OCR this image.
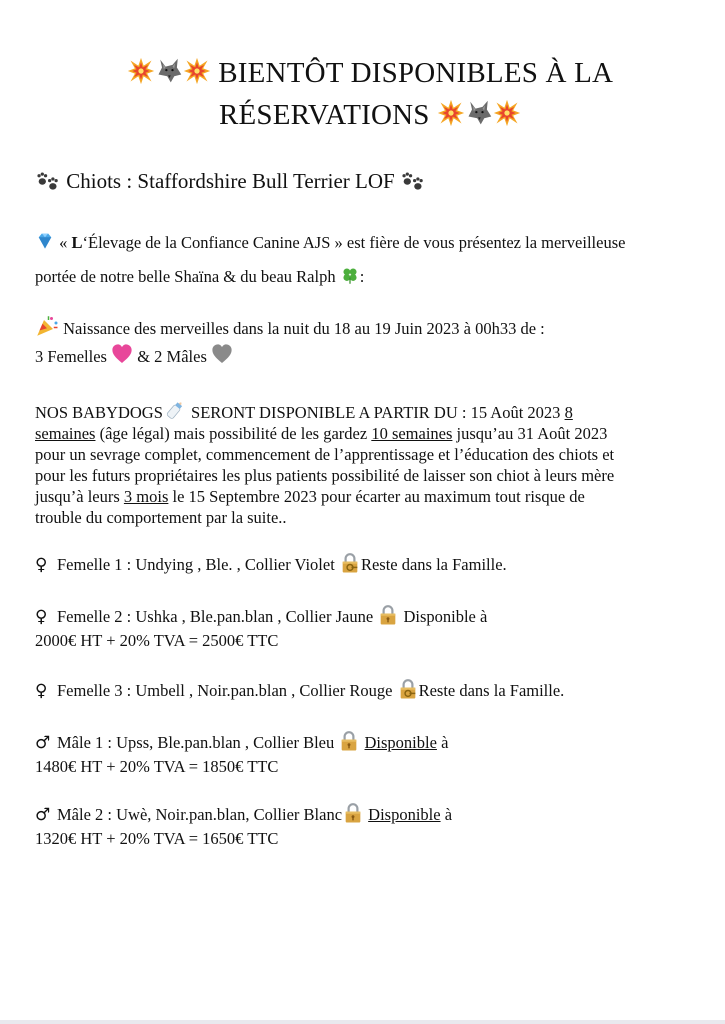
BIENTÔT DISPONIBLES À LA
RÉSERVATIONS
Chiots : Staffordshire Bull Terrier LOF
« L‘Élevage de la Confiance Canine AJS » est fière de vous présentez la merveilleuse
portée de notre belle Shaïna & du beau Ralph :
Naissance des merveilles dans la nuit du 18 au 19 Juin 2023 à 00h33 de :
3 Femelles & 2 Mâles
NOS BABYDOGS SERONT DISPONIBLE A PARTIR DU : 15 Août 2023 8
semaines (âge légal) mais possibilité de les gardez 10 semaines jusqu’au 31 Août 2023
pour un sevrage complet, commencement de l’apprentissage et l’éducation des chiots et
pour les futurs propriétaires les plus patients possibilité de laisser son chiot à leurs mère
jusqu’à leurs 3 mois le 15 Septembre 2023 pour écarter au maximum tout risque de
trouble du comportement par la suite..
♀ Femelle 1 : Undying , Ble. , Collier Violet Reste dans la Famille.
♀ Femelle 2 : Ushka , Ble.pan.blan , Collier Jaune Disponible à
2000€ HT + 20% TVA = 2500€ TTC
♀ Femelle 3 : Umbell , Noir.pan.blan , Collier Rouge Reste dans la Famille.
♂ Mâle 1 : Upss, Ble.pan.blan , Collier Bleu Disponible à
1480€ HT + 20% TVA = 1850€ TTC
♂ Mâle 2 : Uwè, Noir.pan.blan, Collier Blanc Disponible à
1320€ HT + 20% TVA = 1650€ TTC
